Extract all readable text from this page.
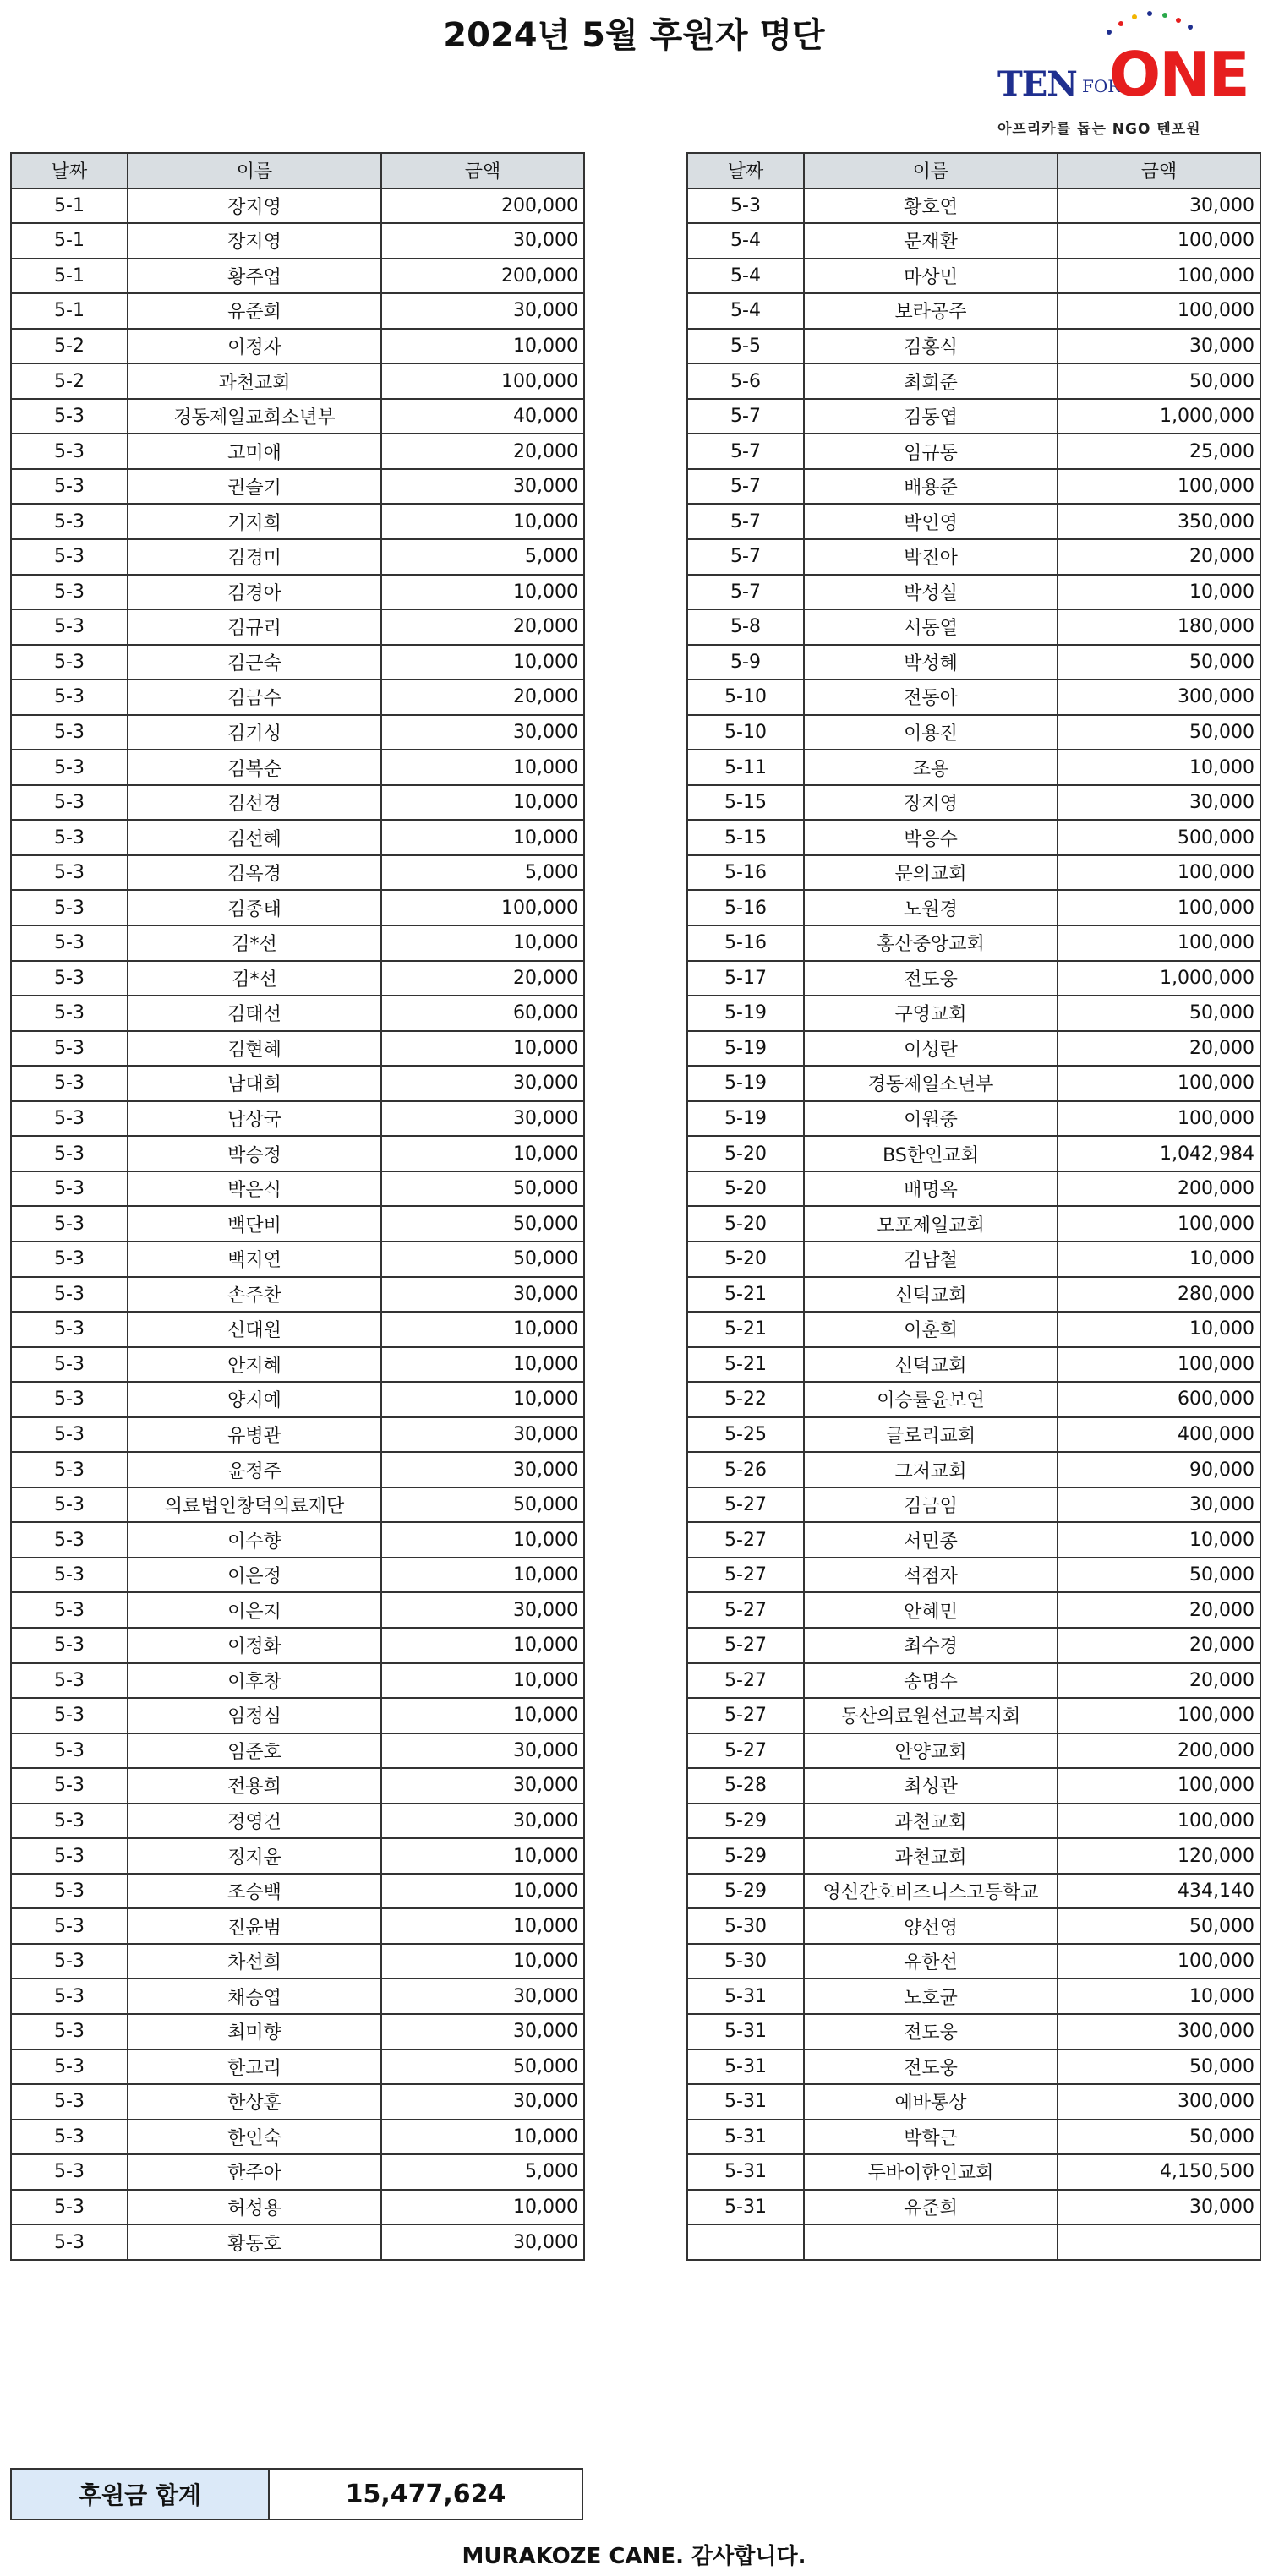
2024년 5월 후원자 명단
TEN FOR
ONE
아프리카를 돕는 NGO 텐포원
날짜	이름	금액
5-1	장지영	200,000
5-1	장지영	30,000
5-1	황주업	200,000
5-1	유준희	30,000
5-2	이정자	10,000
5-2	과천교회	100,000
5-3	경동제일교회소년부	40,000
5-3	고미애	20,000
5-3	권슬기	30,000
5-3	기지희	10,000
5-3	김경미	5,000
5-3	김경아	10,000
5-3	김규리	20,000
5-3	김근숙	10,000
5-3	김금수	20,000
5-3	김기성	30,000
5-3	김복순	10,000
5-3	김선경	10,000
5-3	김선혜	10,000
5-3	김옥경	5,000
5-3	김종태	100,000
5-3	김*선	10,000
5-3	김*선	20,000
5-3	김태선	60,000
5-3	김현혜	10,000
5-3	남대희	30,000
5-3	남상국	30,000
5-3	박승정	10,000
5-3	박은식	50,000
5-3	백단비	50,000
5-3	백지연	50,000
5-3	손주찬	30,000
5-3	신대원	10,000
5-3	안지혜	10,000
5-3	양지예	10,000
5-3	유병관	30,000
5-3	윤정주	30,000
5-3	의료법인창덕의료재단	50,000
5-3	이수향	10,000
5-3	이은정	10,000
5-3	이은지	30,000
5-3	이정화	10,000
5-3	이후창	10,000
5-3	임정심	10,000
5-3	임준호	30,000
5-3	전용희	30,000
5-3	정영건	30,000
5-3	정지윤	10,000
5-3	조승백	10,000
5-3	진윤범	10,000
5-3	차선희	10,000
5-3	채승엽	30,000
5-3	최미향	30,000
5-3	한고리	50,000
5-3	한상훈	30,000
5-3	한인숙	10,000
5-3	한주아	5,000
5-3	허성용	10,000
5-3	황동호	30,000
날짜	이름	금액
5-3	황호연	30,000
5-4	문재환	100,000
5-4	마상민	100,000
5-4	보라공주	100,000
5-5	김홍식	30,000
5-6	최희준	50,000
5-7	김동엽	1,000,000
5-7	임규동	25,000
5-7	배용준	100,000
5-7	박인영	350,000
5-7	박진아	20,000
5-7	박성실	10,000
5-8	서동열	180,000
5-9	박성혜	50,000
5-10	전동아	300,000
5-10	이용진	50,000
5-11	조용	10,000
5-15	장지영	30,000
5-15	박응수	500,000
5-16	문의교회	100,000
5-16	노원경	100,000
5-16	홍산중앙교회	100,000
5-17	전도웅	1,000,000
5-19	구영교회	50,000
5-19	이성란	20,000
5-19	경동제일소년부	100,000
5-19	이원중	100,000
5-20	BS한인교회	1,042,984
5-20	배명옥	200,000
5-20	모포제일교회	100,000
5-20	김남철	10,000
5-21	신덕교회	280,000
5-21	이훈희	10,000
5-21	신덕교회	100,000
5-22	이승률윤보연	600,000
5-25	글로리교회	400,000
5-26	그저교회	90,000
5-27	김금임	30,000
5-27	서민종	10,000
5-27	석점자	50,000
5-27	안혜민	20,000
5-27	최수경	20,000
5-27	송명수	20,000
5-27	동산의료원선교복지회	100,000
5-27	안양교회	200,000
5-28	최성관	100,000
5-29	과천교회	100,000
5-29	과천교회	120,000
5-29	영신간호비즈니스고등학교	434,140
5-30	양선영	50,000
5-30	유한선	100,000
5-31	노호균	10,000
5-31	전도웅	300,000
5-31	전도웅	50,000
5-31	예바통상	300,000
5-31	박학근	50,000
5-31	두바이한인교회	4,150,500
5-31	유준희	30,000

후원금 합계	15,477,624
MURAKOZE CANE. 감사합니다.
